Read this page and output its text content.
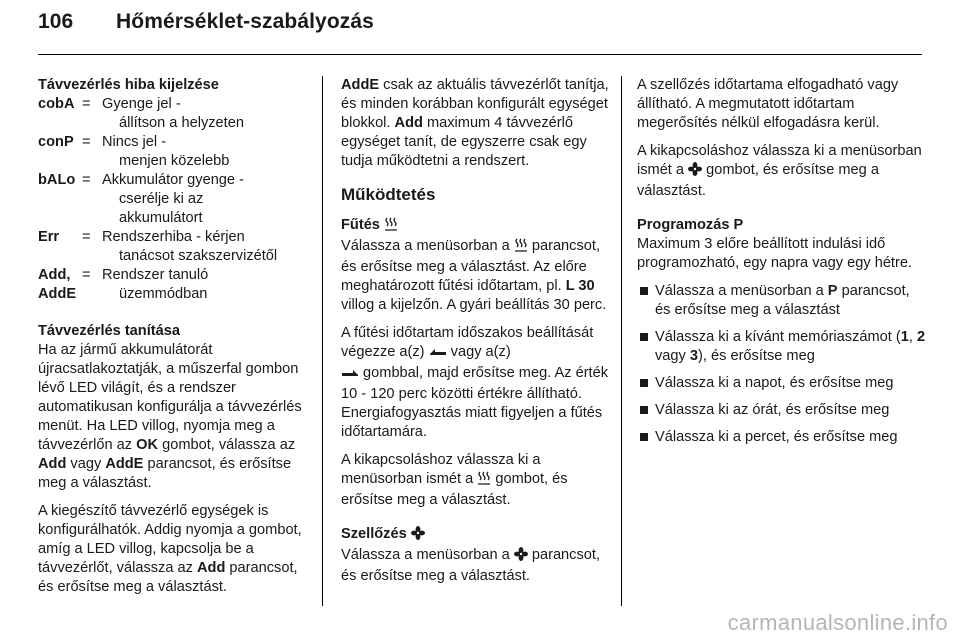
106 Hőmérséklet-szabályozás

Távvezérlés hiba kijelzése

cobA = Gyenge jel -
állítson a helyzeten
conP = Nincs jel -
menjen közelebb
bALo = Akkumulátor gyenge -
cserélje ki az
akkumulátort
Err	= Rendszerhiba - kérjen
tanácsot szakszervizétől
Add,
AddE
= Rendszer tanuló
üzemmódban

Távvezérlés tanítása

Ha az jármű akkumulátorát újracsatlakoztatják, a műszerfal gombon lévő LED világít, és a rendszer automatikusan konfigurálja a távvezérlés menüt. Ha LED villog, nyomja meg a távvezérlőn az OK gombot, válassza az Add vagy AddE parancsot, és erősítse meg a választást.

A kiegészítő távvezérlő egységek is konfigurálhatók. Addig nyomja a gombot, amíg a LED villog, kapcsolja be a távvezérlőt, válassza az Add parancsot, és erősítse meg a választást.

AddE csak az aktuális távvezérlőt tanítja, és minden korábban konfigurált egységet blokkol. Add maximum 4 távvezérlő egységet tanít, de egyszerre csak egy tudja működtetni a rendszert.

Működtetés

Fűtés

Válassza a menüsorban a  parancsot, és erősítse meg a választást. Az előre meghatározott fűtési időtartam, pl. L 30 villog a kijelzőn. A gyári beállítás 30 perc.

A fűtési időtartam időszakos beállítását végezze a(z)  vagy a(z)
gombbal, majd erősítse meg. Az érték 10 - 120 perc közötti értékre állítható. Energiafogyasztás miatt figyeljen a fűtés időtartamára.

A kikapcsoláshoz válassza ki a menüsorban ismét a  gombot, és erősítse meg a választást.

Szellőzés

Válassza a menüsorban a  parancsot, és erősítse meg a választást.

A szellőzés időtartama elfogadható vagy állítható. A megmutatott időtartam megerősítés nélkül elfogadásra kerül.

A kikapcsoláshoz válassza ki a menüsorban ismét a  gombot, és erősítse meg a választást.

Programozás P

Maximum 3 előre beállított indulási idő programozható, egy napra vagy egy hétre.

Válassza a menüsorban a P parancsot, és erősítse meg a választást
Válassza ki a kívánt memóriaszámot (1, 2 vagy 3), és erősítse meg
Válassza ki a napot, és erősítse meg
Válassza ki az órát, és erősítse meg
Válassza ki a percet, és erősítse meg
carmanualsonline.info
